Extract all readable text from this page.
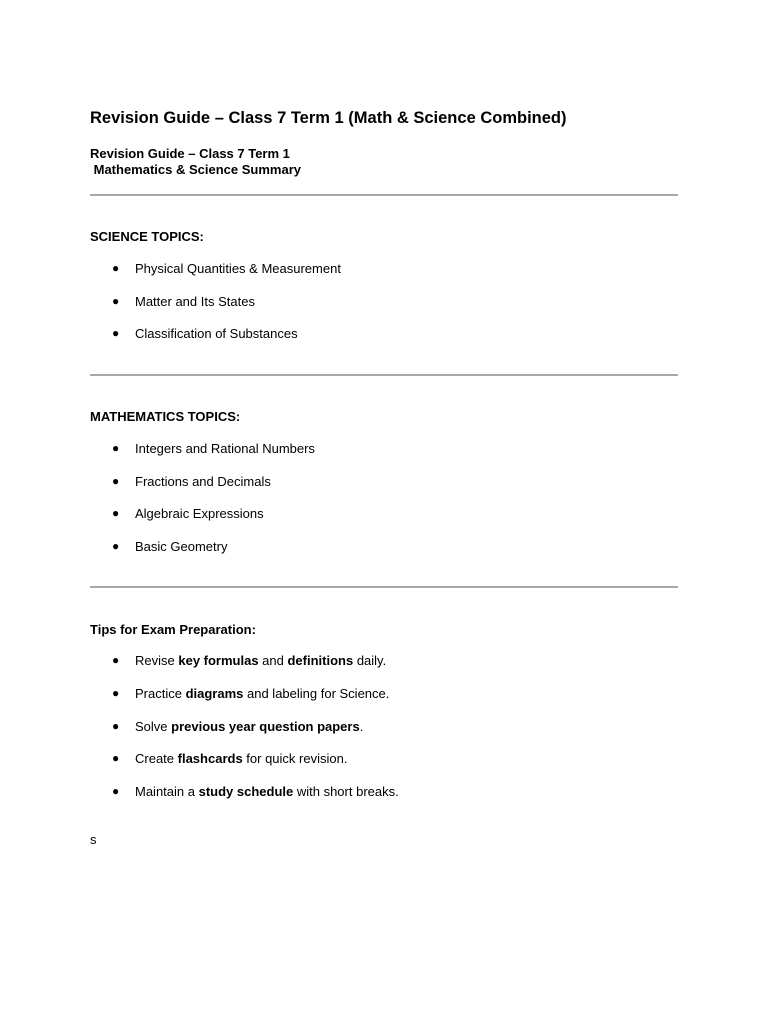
Revision Guide – Class 7 Term 1 (Math & Science Combined)
Revision Guide – Class 7 Term 1
Mathematics & Science Summary
SCIENCE TOPICS:
● Physical Quantities & Measurement
● Matter and Its States
● Classification of Substances
MATHEMATICS TOPICS:
● Integers and Rational Numbers
● Fractions and Decimals
● Algebraic Expressions
● Basic Geometry
Tips for Exam Preparation:
● Revise key formulas and definitions daily.
● Practice diagrams and labeling for Science.
● Solve previous year question papers.
● Create flashcards for quick revision.
● Maintain a study schedule with short breaks.

s
